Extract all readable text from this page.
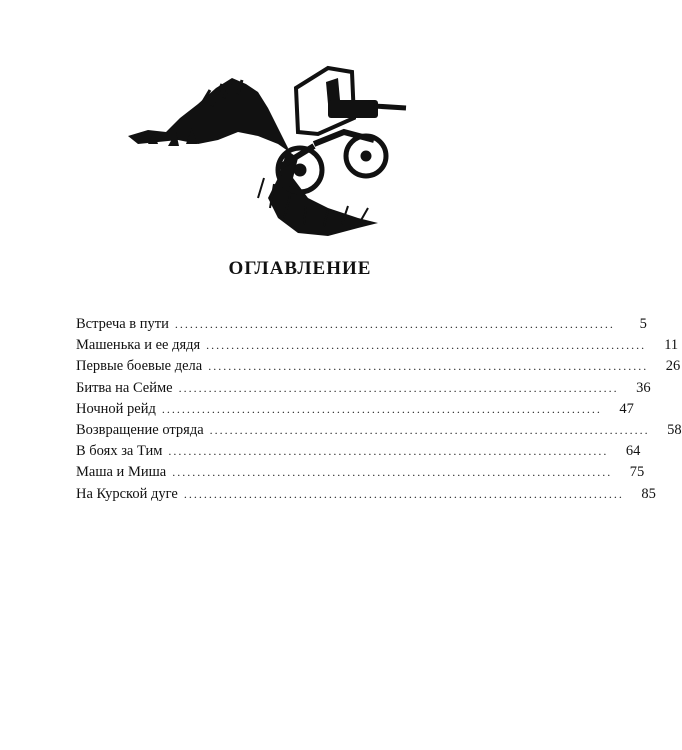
ОГЛАВЛЕНИЕ
Встреча в пути ........................................................................................	5
Машенька и ее дядя ........................................................................................	11
Первые боевые дела ........................................................................................	26
Битва на Сейме ........................................................................................	36
Ночной рейд ........................................................................................	47
Возвращение отряда ........................................................................................	58
В боях за Тим ........................................................................................	64
Маша и Миша ........................................................................................	75
На Курской дуге ........................................................................................	85
